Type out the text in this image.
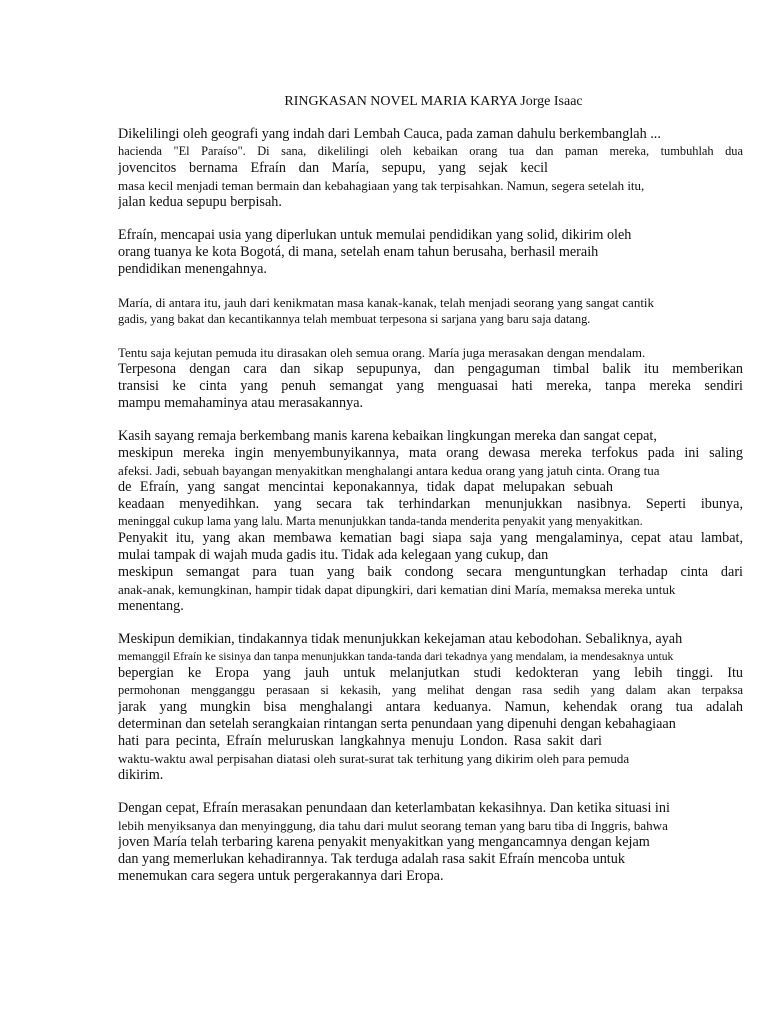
RINGKASAN NOVEL MARIA KARYA Jorge Isaac
Dikelilingi oleh geografi yang indah dari Lembah Cauca, pada zaman dahulu berkembanglah ...
hacienda "El Paraíso". Di sana, dikelilingi oleh kebaikan orang tua dan paman mereka, tumbuhlah dua
jovencitos bernama Efraín dan María, sepupu, yang sejak kecil
masa kecil menjadi teman bermain dan kebahagiaan yang tak terpisahkan. Namun, segera setelah itu,
jalan kedua sepupu berpisah.
Efraín, mencapai usia yang diperlukan untuk memulai pendidikan yang solid, dikirim oleh
orang tuanya ke kota Bogotá, di mana, setelah enam tahun berusaha, berhasil meraih
pendidikan menengahnya.
María, di antara itu, jauh dari kenikmatan masa kanak-kanak, telah menjadi seorang yang sangat cantik
gadis, yang bakat dan kecantikannya telah membuat terpesona si sarjana yang baru saja datang.
Tentu saja kejutan pemuda itu dirasakan oleh semua orang. María juga merasakan dengan mendalam.
Terpesona dengan cara dan sikap sepupunya, dan pengaguman timbal balik itu memberikan
transisi ke cinta yang penuh semangat yang menguasai hati mereka, tanpa mereka sendiri
mampu memahaminya atau merasakannya.
Kasih sayang remaja berkembang manis karena kebaikan lingkungan mereka dan sangat cepat,
meskipun mereka ingin menyembunyikannya, mata orang dewasa mereka terfokus pada ini saling
afeksi. Jadi, sebuah bayangan menyakitkan menghalangi antara kedua orang yang jatuh cinta. Orang tua
de Efraín, yang sangat mencintai keponakannya, tidak dapat melupakan sebuah
keadaan menyedihkan. yang secara tak terhindarkan menunjukkan nasibnya. Seperti ibunya,
meninggal cukup lama yang lalu. Marta menunjukkan tanda-tanda menderita penyakit yang menyakitkan.
Penyakit itu, yang akan membawa kematian bagi siapa saja yang mengalaminya, cepat atau lambat,
mulai tampak di wajah muda gadis itu. Tidak ada kelegaan yang cukup, dan
meskipun semangat para tuan yang baik condong secara menguntungkan terhadap cinta dari
anak-anak, kemungkinan, hampir tidak dapat dipungkiri, dari kematian dini María, memaksa mereka untuk
menentang.
Meskipun demikian, tindakannya tidak menunjukkan kekejaman atau kebodohan. Sebaliknya, ayah
memanggil Efraín ke sisinya dan tanpa menunjukkan tanda-tanda dari tekadnya yang mendalam, ia mendesaknya untuk
bepergian ke Eropa yang jauh untuk melanjutkan studi kedokteran yang lebih tinggi. Itu
permohonan mengganggu perasaan si kekasih, yang melihat dengan rasa sedih yang dalam akan terpaksa
jarak yang mungkin bisa menghalangi antara keduanya. Namun, kehendak orang tua adalah
determinan dan setelah serangkaian rintangan serta penundaan yang dipenuhi dengan kebahagiaan
hati para pecinta, Efraín meluruskan langkahnya menuju London. Rasa sakit dari
waktu-waktu awal perpisahan diatasi oleh surat-surat tak terhitung yang dikirim oleh para pemuda
dikirim.
Dengan cepat, Efraín merasakan penundaan dan keterlambatan kekasihnya. Dan ketika situasi ini
lebih menyiksanya dan menyinggung, dia tahu dari mulut seorang teman yang baru tiba di Inggris, bahwa
joven María telah terbaring karena penyakit menyakitkan yang mengancamnya dengan kejam
dan yang memerlukan kehadirannya. Tak terduga adalah rasa sakit Efraín mencoba untuk
menemukan cara segera untuk pergerakannya dari Eropa.
